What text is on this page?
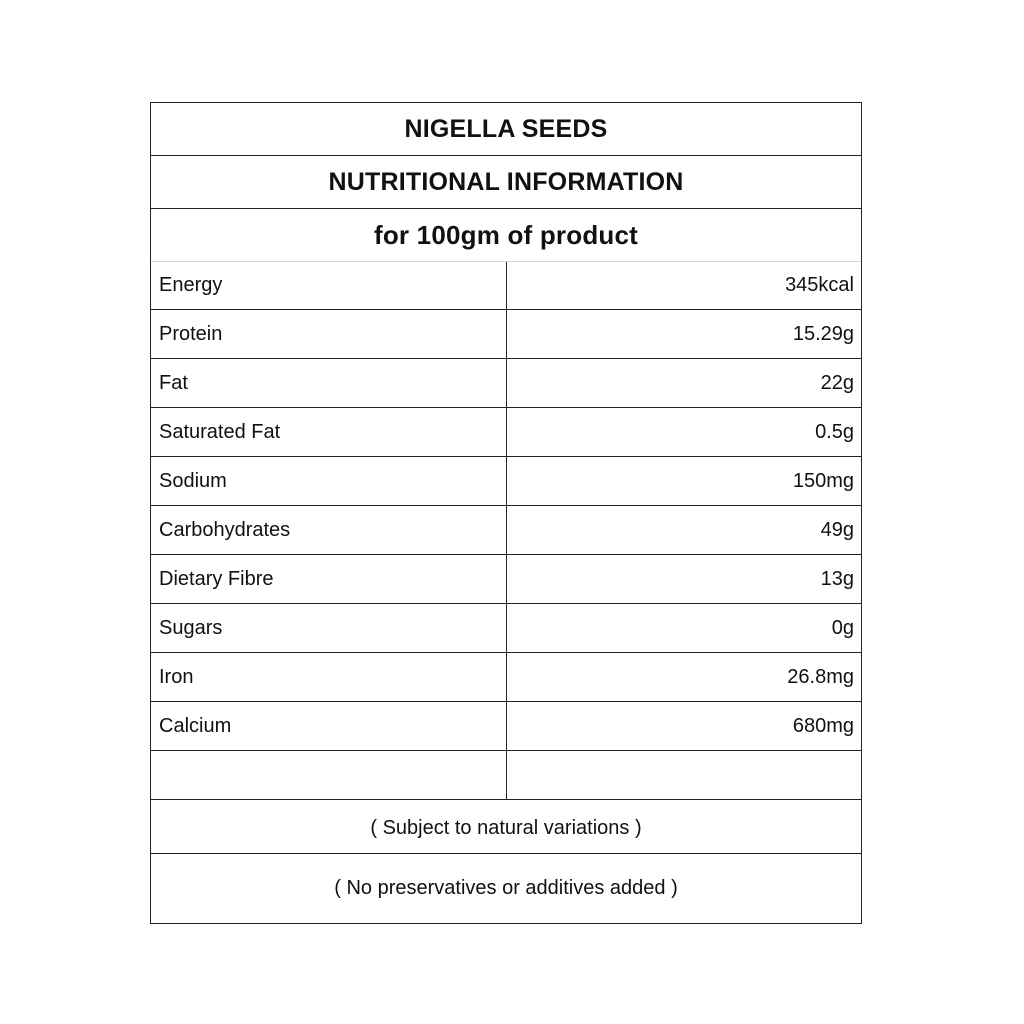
NIGELLA SEEDS
NUTRITIONAL INFORMATION
for 100gm of product
Energy	345kcal
Protein	15.29g
Fat	22g
Saturated Fat	0.5g
Sodium	150mg
Carbohydrates	49g
Dietary Fibre	13g
Sugars	0g
Iron	26.8mg
Calcium	680mg
( Subject to natural variations )
( No preservatives or additives added )
